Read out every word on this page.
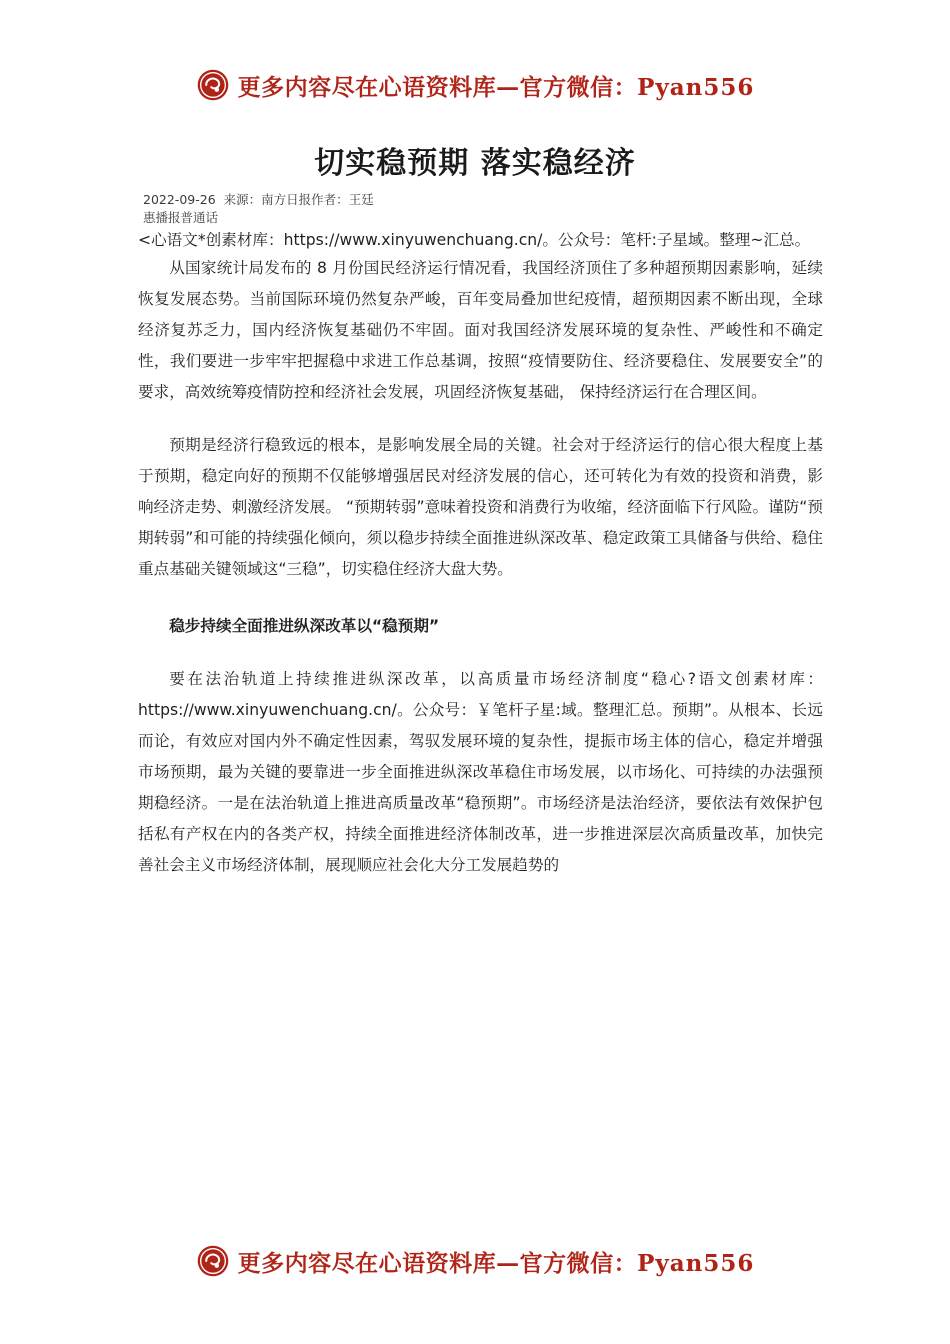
更多内容尽在心语资料库—官方微信：Pyan556
切实稳预期 落实稳经济
2022-09-26 来源：南方日报作者：王廷
惠播报普通话

<心语文*创素材库：https://www.xinyuwenchuang.cn/。公众号：笔杆:子星域。整理~汇总。

从国家统计局发布的 8 月份国民经济运行情况看，我国经济顶住了多种超预期因素影响，延续恢复发展态势。当前国际环境仍然复杂严峻，百年变局叠加世纪疫情，超预期因素不断出现，全球经济复苏乏力，国内经济恢复基础仍不牢固。面对我国经济发展环境的复杂性、严峻性和不确定性，我们要进一步牢牢把握稳中求进工作总基调，按照“疫情要防住、经济要稳住、发展要安全”的要求，高效统筹疫情防控和经济社会发展，巩固经济恢复基础， 保持经济运行在合理区间。

预期是经济行稳致远的根本，是影响发展全局的关键。社会对于经济运行的信心很大程度上基于预期，稳定向好的预期不仅能够增强居民对经济发展的信心，还可转化为有效的投资和消费，影响经济走势、刺激经济发展。 “预期转弱”意味着投资和消费行为收缩，经济面临下行风险。谨防“预期转弱”和可能的持续强化倾向，须以稳步持续全面推进纵深改革、稳定政策工具储备与供给、稳住重点基础关键领域这“三稳”，切实稳住经济大盘大势。

稳步持续全面推进纵深改革以“稳预期”

要在法治轨道上持续推进纵深改革，以高质量市场经济制度“稳心?语文创素材库：https://www.xinyuwenchuang.cn/。公众号：￥笔杆子星:域。整理汇总。预期”。从根本、长远而论，有效应对国内外不确定性因素，驾驭发展环境的复杂性，提振市场主体的信心，稳定并增强市场预期，最为关键的要靠进一步全面推进纵深改革稳住市场发展，以市场化、可持续的办法强预期稳经济。一是在法治轨道上推进高质量改革“稳预期”。市场经济是法治经济，要依法有效保护包括私有产权在内的各类产权，持续全面推进经济体制改革，进一步推进深层次高质量改革，加快完善社会主义市场经济体制，展现顺应社会化大分工发展趋势的

更多内容尽在心语资料库—官方微信：Pyan556
